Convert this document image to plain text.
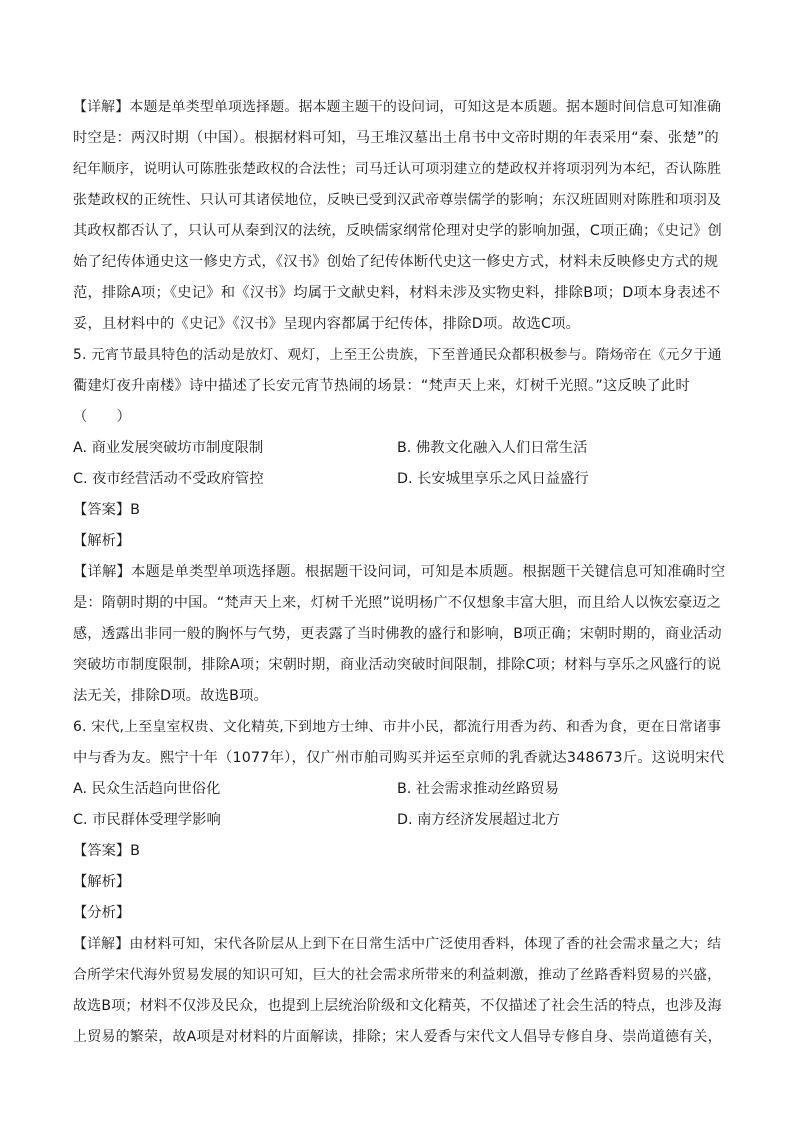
【详解】本题是单类型单项选择题。据本题主题干的设问词，可知这是本质题。据本题时间信息可知准确

时空是：两汉时期（中国）。根据材料可知，马王堆汉墓出土帛书中文帝时期的年表采用“秦、张楚”的

纪年顺序，说明认可陈胜张楚政权的合法性；司马迁认可项羽建立的楚政权并将项羽列为本纪，否认陈胜

张楚政权的正统性、只认可其诸侯地位，反映已受到汉武帝尊崇儒学的影响；东汉班固则对陈胜和项羽及

其政权都否认了，只认可从秦到汉的法统，反映儒家纲常伦理对史学的影响加强，C项正确；《史记》创

始了纪传体通史这一修史方式，《汉书》创始了纪传体断代史这一修史方式，材料未反映修史方式的规

范，排除A项；《史记》和《汉书》均属于文献史料，材料未涉及实物史料，排除B项；D项本身表述不

妥，且材料中的《史记》《汉书》呈现内容都属于纪传体，排除D项。故选C项。

5. 元宵节最具特色的活动是放灯、观灯，上至王公贵族，下至普通民众都积极参与。隋炀帝在《元夕于通

衢建灯夜升南楼》诗中描述了长安元宵节热闹的场景：“梵声天上来，灯树千光照。”这反映了此时

（　　）

A. 商业发展突破坊市制度限制	B. 佛教文化融入人们日常生活
C. 夜市经营活动不受政府管控	D. 长安城里享乐之风日益盛行
【答案】B
【解析】

【详解】本题是单类型单项选择题。根据题干设问词，可知是本质题。根据题干关键信息可知准确时空

是：隋朝时期的中国。“梵声天上来，灯树千光照”说明杨广不仅想象丰富大胆，而且给人以恢宏豪迈之

感，透露出非同一般的胸怀与气势，更表露了当时佛教的盛行和影响，B项正确；宋朝时期的，商业活动

突破坊市制度限制，排除A项；宋朝时期，商业活动突破时间限制，排除C项；材料与享乐之风盛行的说

法无关，排除D项。故选B项。

6. 宋代,上至皇室权贵、文化精英,下到地方士绅、市井小民，都流行用香为药、和香为食，更在日常诸事

中与香为友。熙宁十年（1077年），仅广州市舶司购买并运至京师的乳香就达348673斤。这说明宋代

A. 民众生活趋向世俗化	B. 社会需求推动丝路贸易
C. 市民群体受理学影响	D. 南方经济发展超过北方
【答案】B
【解析】
【分析】

【详解】由材料可知，宋代各阶层从上到下在日常生活中广泛使用香料，体现了香的社会需求量之大；结

合所学宋代海外贸易发展的知识可知，巨大的社会需求所带来的利益刺激，推动了丝路香料贸易的兴盛，

故选B项；材料不仅涉及民众，也提到上层统治阶级和文化精英，不仅描述了社会生活的特点，也涉及海

上贸易的繁荣，故A项是对材料的片面解读，排除；宋人爱香与宋代文人倡导专修自身、崇尚道德有关，
